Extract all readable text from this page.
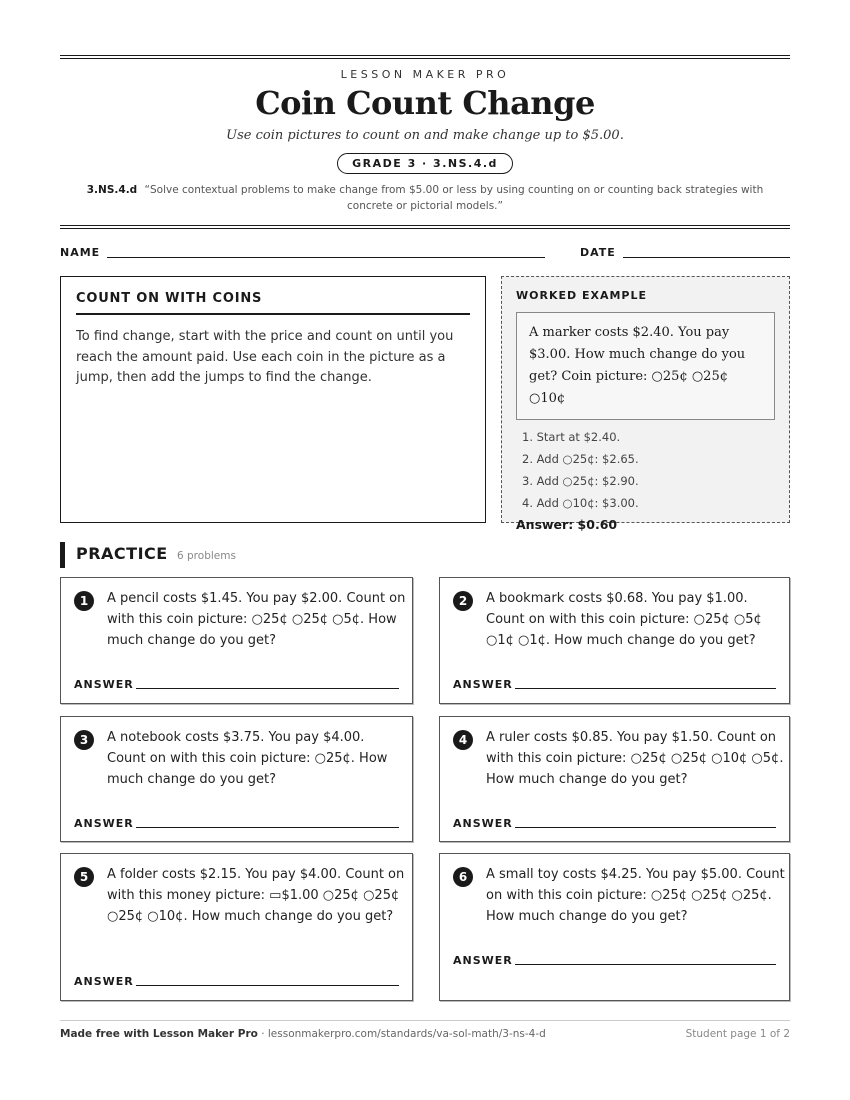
LESSON MAKER PRO
Coin Count Change
Use coin pictures to count on and make change up to $5.00.
GRADE 3 · 3.NS.4.d
3.NS.4.d “Solve contextual problems to make change from $5.00 or less by using counting on or counting back strategies with concrete or pictorial models.”
NAME	DATE
COUNT ON WITH COINS
To find change, start with the price and count on until you reach the amount paid. Use each coin in the picture as a jump, then add the jumps to find the change.
WORKED EXAMPLE
A marker costs $2.40. You pay $3.00. How much change do you get? Coin picture: ○25¢ ○25¢ ○10¢
1. Start at $2.40.
2. Add ○25¢: $2.65.
3. Add ○25¢: $2.90.
4. Add ○10¢: $3.00.
Answer: $0.60
PRACTICE 6 problems
1	A pencil costs $1.45. You pay $2.00. Count on with this coin picture: ○25¢ ○25¢ ○5¢. How much change do you get?
ANSWER
2	A bookmark costs $0.68. You pay $1.00. Count on with this coin picture: ○25¢ ○5¢ ○1¢ ○1¢. How much change do you get?
ANSWER
3	A notebook costs $3.75. You pay $4.00. Count on with this coin picture: ○25¢. How much change do you get?
ANSWER
4	A ruler costs $0.85. You pay $1.50. Count on with this coin picture: ○25¢ ○25¢ ○10¢ ○5¢. How much change do you get?
ANSWER
5	A folder costs $2.15. You pay $4.00. Count on with this money picture: ▭$1.00 ○25¢ ○25¢ ○25¢ ○10¢. How much change do you get?
ANSWER
6	A small toy costs $4.25. You pay $5.00. Count on with this coin picture: ○25¢ ○25¢ ○25¢. How much change do you get?
ANSWER
Made free with Lesson Maker Pro · lessonmakerpro.com/standards/va-sol-math/3-ns-4-d	Student page 1 of 2
